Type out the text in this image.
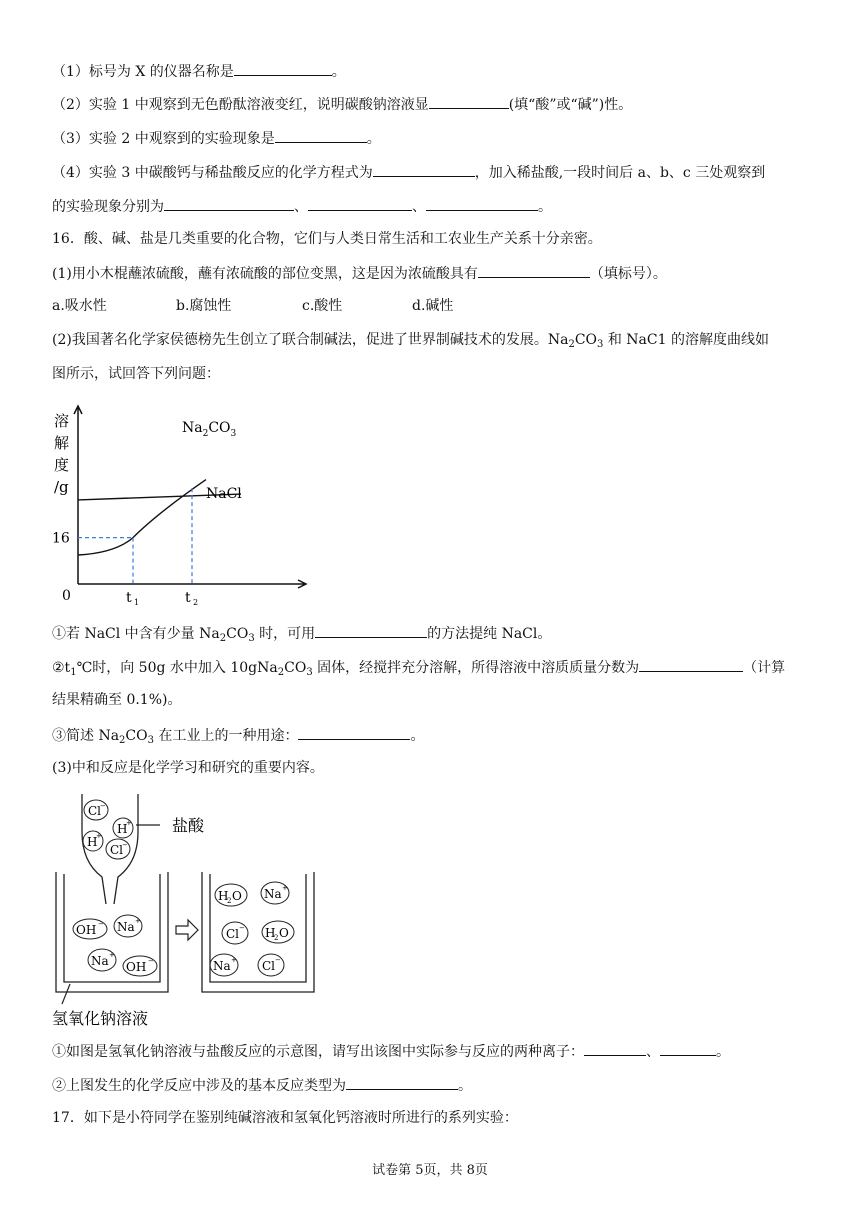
（1）标号为 X 的仪器名称是	。
（2）实验 1 中观察到无色酚酞溶液变红，说明碳酸钠溶液显	(填“酸”或“碱”)性。
（3）实验 2 中观察到的实验现象是	。
（4）实验 3 中碳酸钙与稀盐酸反应的化学方程式为	，加入稀盐酸,一段时间后 a、b、c 三处观察到
的实验现象分别为	、	、	。
16．酸、碱、盐是几类重要的化合物，它们与人类日常生活和工农业生产关系十分亲密。
(1)用小木棍蘸浓硫酸，蘸有浓硫酸的部位变黑，这是因为浓硫酸具有	（填标号）。
a.吸水性	b.腐蚀性	c.酸性	d.碱性
(2)我国著名化学家侯德榜先生创立了联合制碱法，促进了世界制碱技术的发展。$Na_2CO_3$ 和 NaC1 的溶解度曲线如
图所示，试回答下列问题：
溶
解
度
/g
0
16
t 1	t 2
$Na_2CO_3$
NaCl
①若 NaCl 中含有少量 $Na_2CO_3$ 时，可用	的方法提纯 NaCl。
$②t_1℃$时，向 50g 水中加入 $10gNa_2CO_3$ 固体，经搅拌充分溶解，所得溶液中溶质质量分数为	（计算
结果精确至 0.1%)。
③简述 $Na_2CO_3$ 在工业上的一种用途：	。
(3)中和反应是化学学习和研究的重要内容。
盐酸
Cl
−
H
+
H
+
Cl
−
OH − Na +
Na +
OH −
H
2 O Na +
Cl − H
2 O
Na + Cl −
氢氧化钠溶液
①如图是氢氧化钠溶液与盐酸反应的示意图，请写出该图中实际参与反应的两种离子：	、	。
②上图发生的化学反应中涉及的基本反应类型为	。
17．如下是小符同学在鉴别纯碱溶液和氢氧化钙溶液时所进行的系列实验：
试卷第 5页，共 8页
